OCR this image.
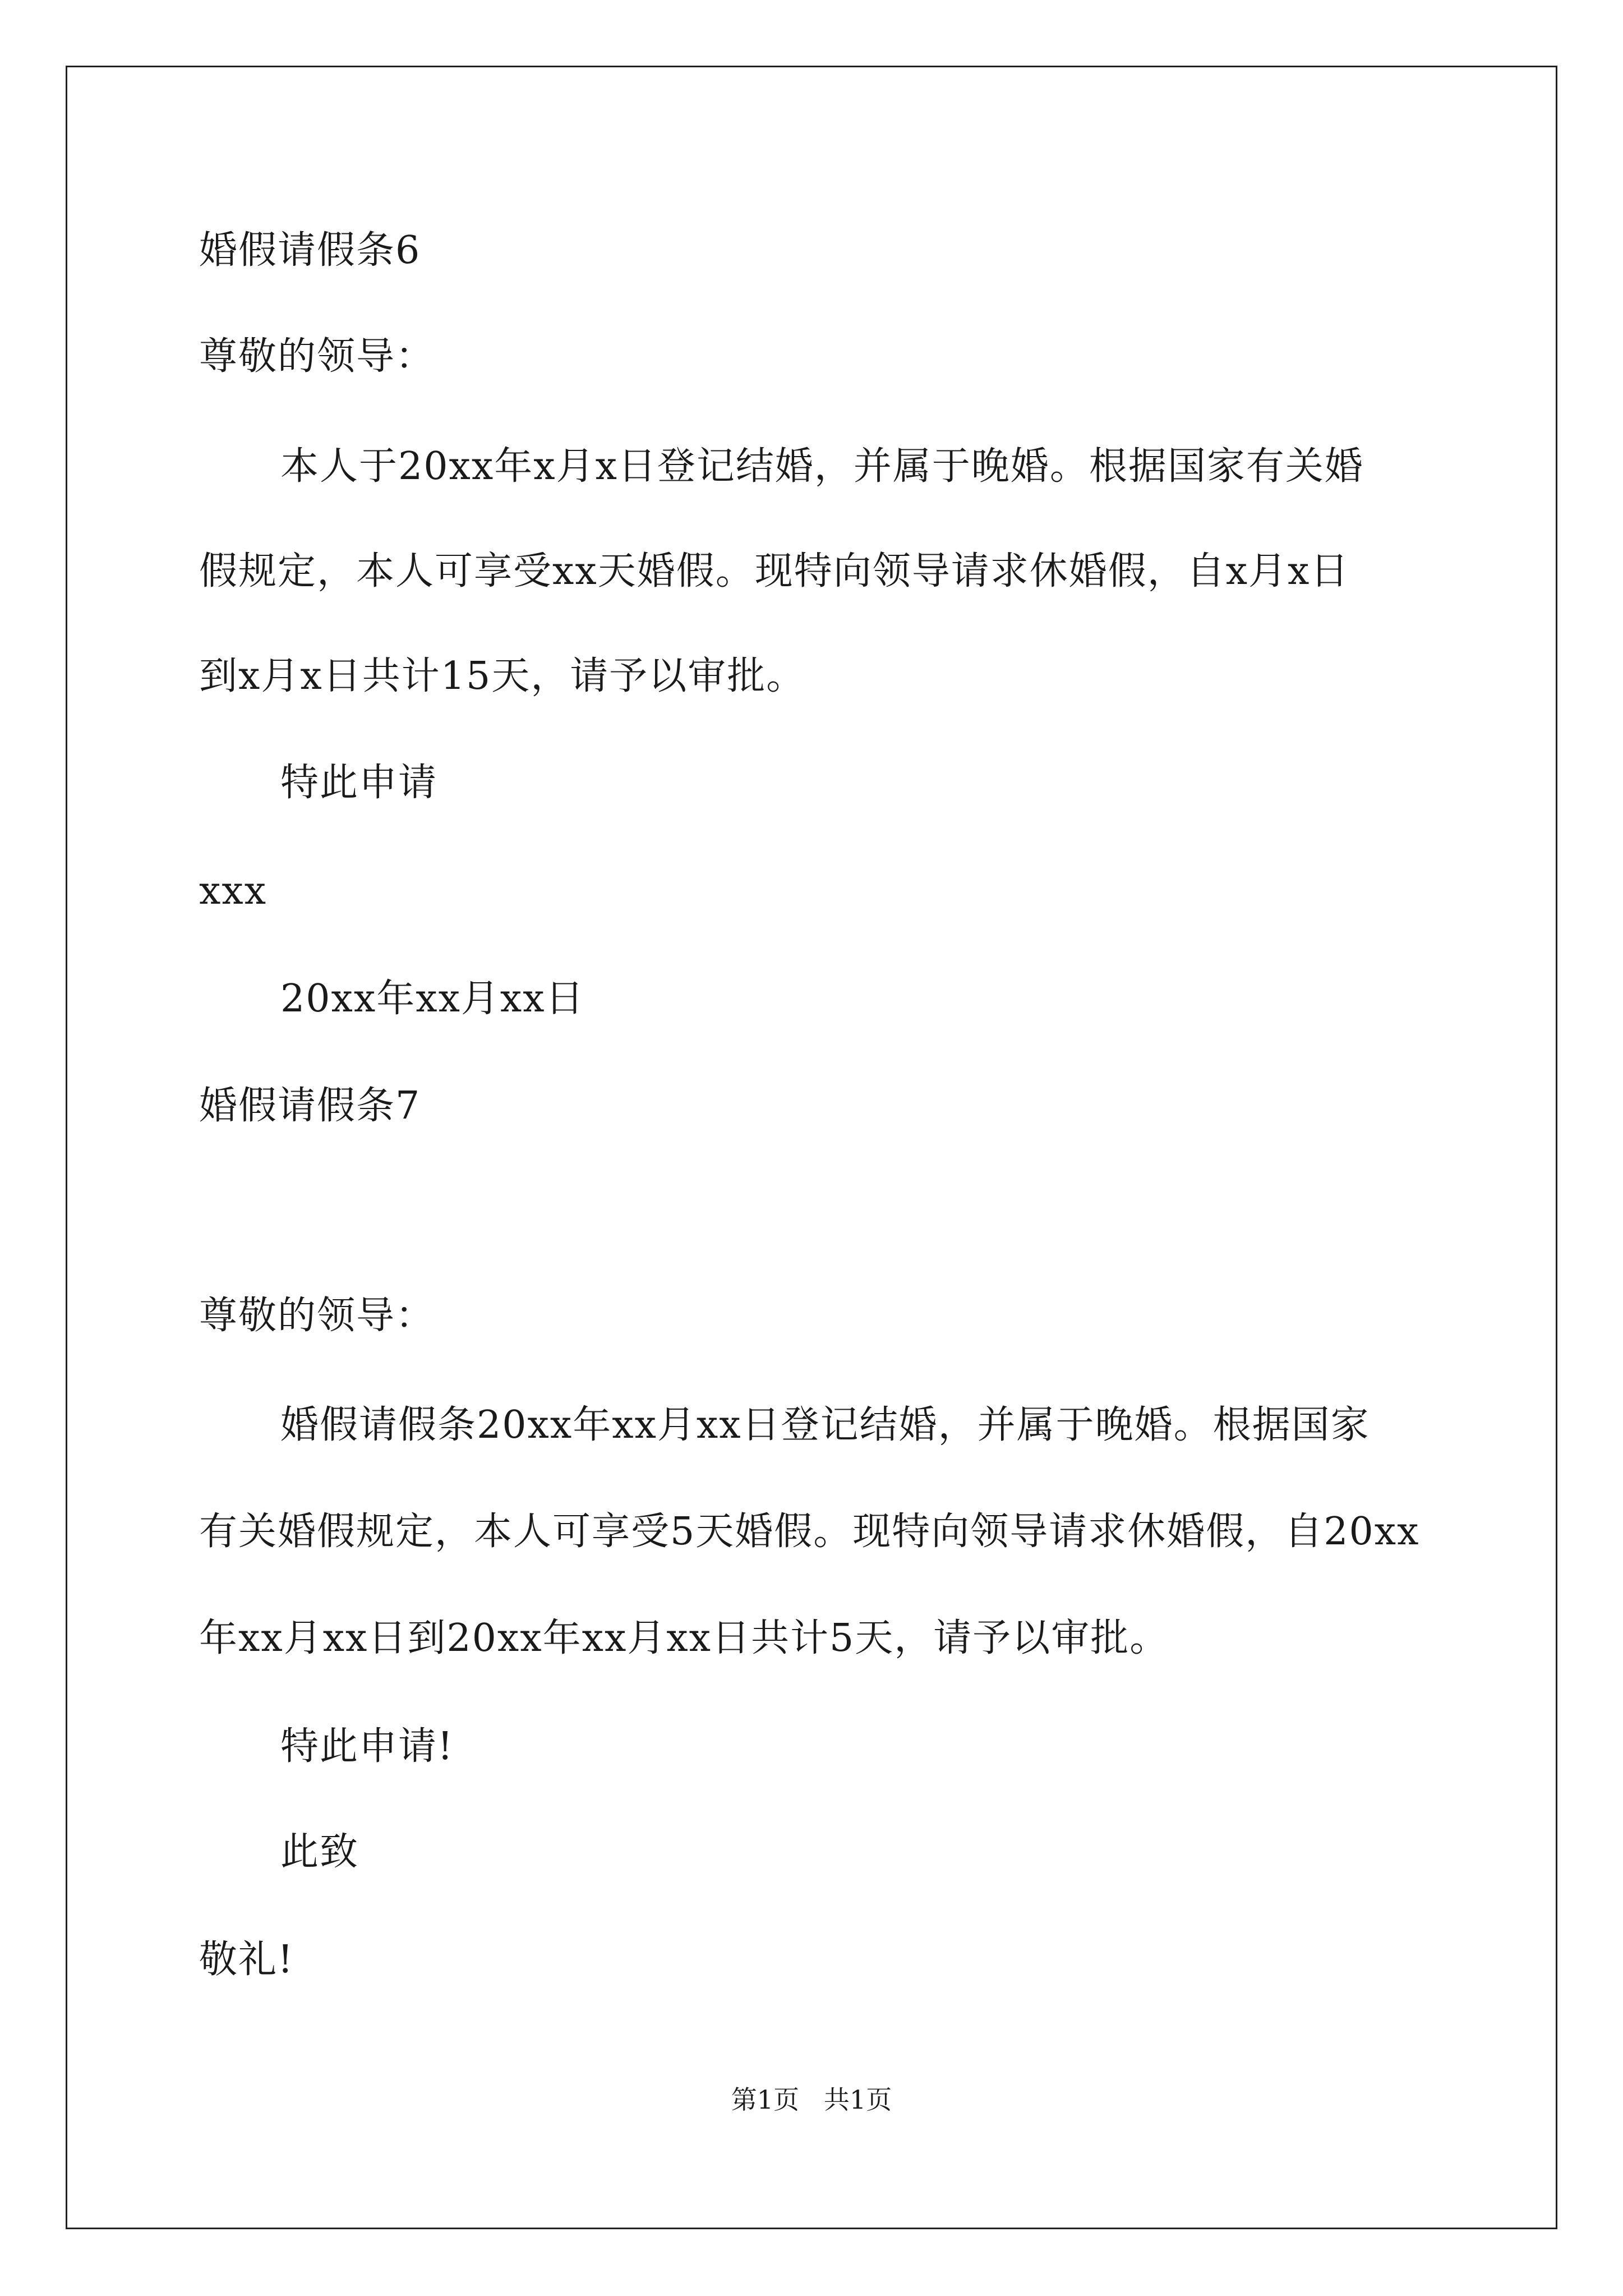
婚假请假条6
尊敬的领导：
本人于20xx年x月x日登记结婚，并属于晚婚。根据国家有关婚
假规定，本人可享受xx天婚假。现特向领导请求休婚假，自x月x日
到x月x日共计15天，请予以审批。
特此申请
xxx
20xx年xx月xx日
婚假请假条7
尊敬的领导：
婚假请假条20xx年xx月xx日登记结婚，并属于晚婚。根据国家
有关婚假规定，本人可享受5天婚假。现特向领导请求休婚假，自20xx
年xx月xx日到20xx年xx月xx日共计5天，请予以审批。
特此申请!
此致
敬礼!
第1页   共1页
